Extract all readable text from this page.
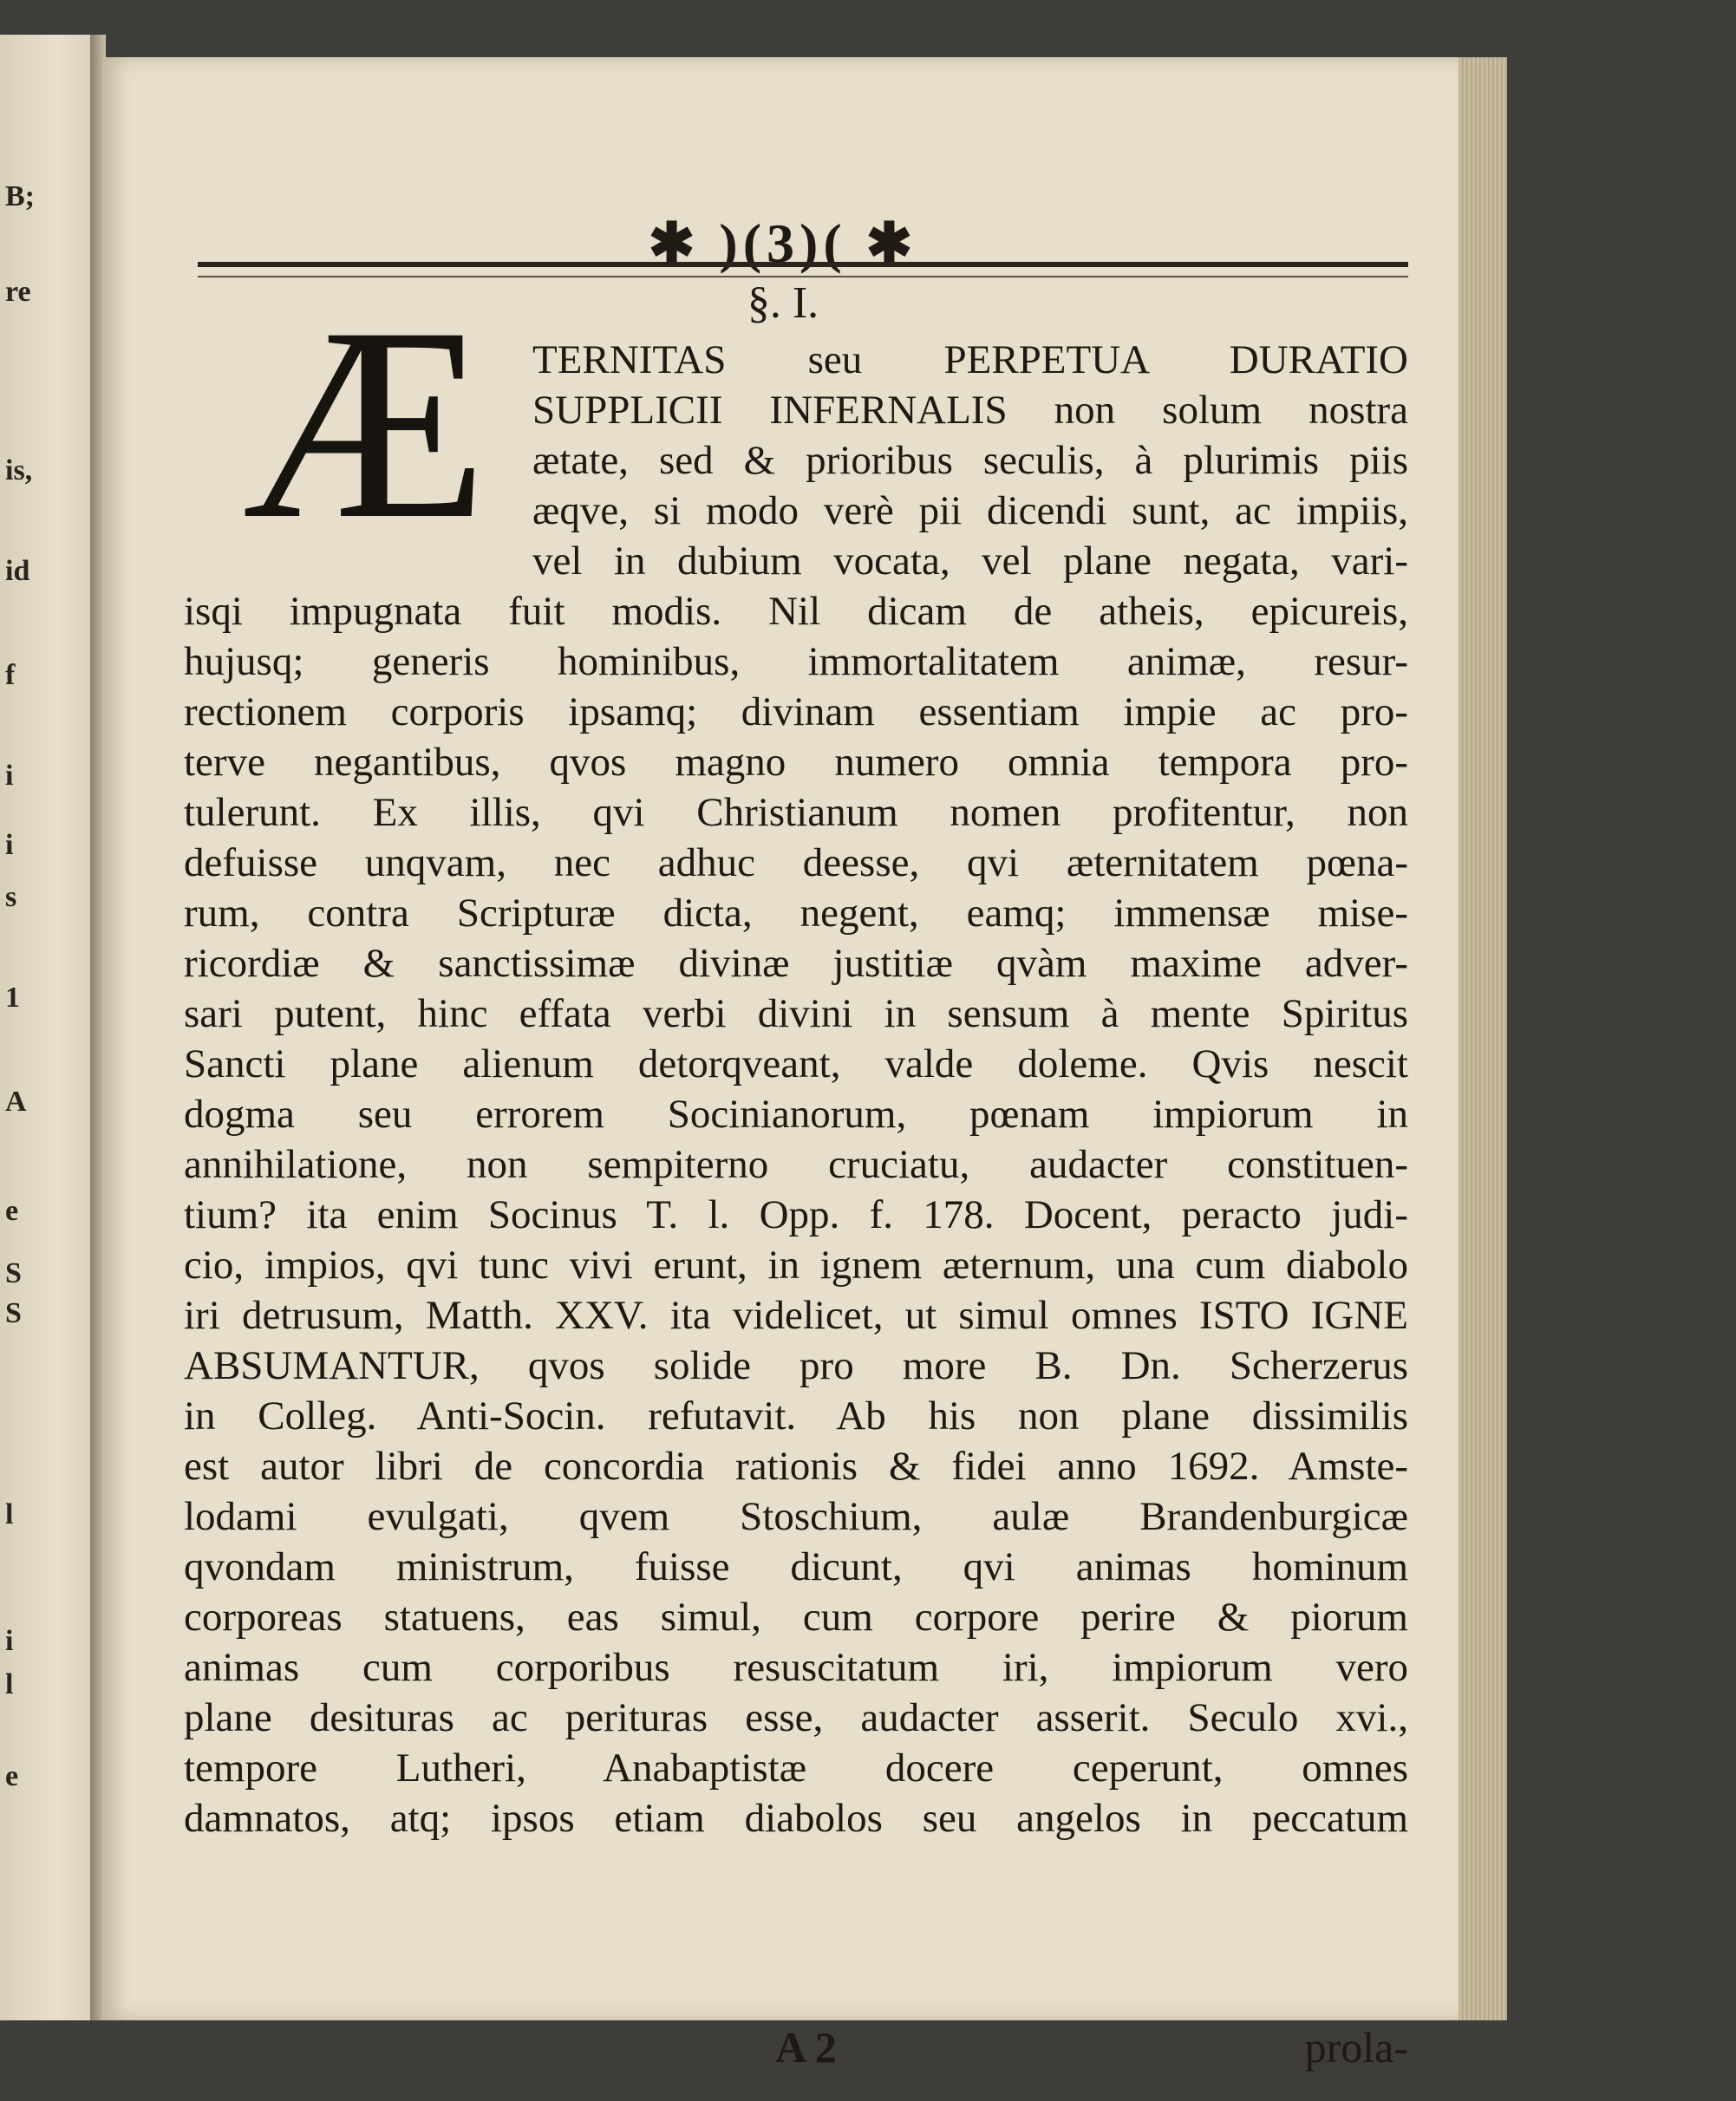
B;
re
is,
id
f
i
i
s
1
A
e
S
S
l
i
l
e
✱ )(3)( ✱
§. I.
Æ	TERNITAS seu PERPETUA DURATIO
SUPPLICII INFERNALIS non solum nostra
ætate, sed & prioribus seculis, à plurimis piis
æqve, si modo verè pii dicendi sunt, ac impiis,
vel in dubium vocata, vel plane negata, vari-
isqi impugnata fuit modis. Nil dicam de atheis, epicureis,
hujusq; generis hominibus, immortalitatem animæ, resur-
rectionem corporis ipsamq; divinam essentiam impie ac pro-
terve negantibus, qvos magno numero omnia tempora pro-
tulerunt. Ex illis, qvi Christianum nomen profitentur, non
defuisse unqvam, nec adhuc deesse, qvi æternitatem pœna-
rum, contra Scripturæ dicta, negent, eamq; immensæ mise-
ricordiæ & sanctissimæ divinæ justitiæ qvàm maxime adver-
sari putent, hinc effata verbi divini in sensum à mente Spiritus
Sancti plane alienum detorqveant, valde doleme. Qvis nescit
dogma seu errorem Socinianorum, pœnam impiorum in
annihilatione, non sempiterno cruciatu, audacter constituen-
tium? ita enim Socinus T. l. Opp. f. 178. Docent, peracto judi-
cio, impios, qvi tunc vivi erunt, in ignem æternum, una cum diabolo
iri detrusum, Matth. XXV. ita videlicet, ut simul omnes ISTO IGNE
ABSUMANTUR, qvos solide pro more B. Dn. Scherzerus
in Colleg. Anti-Socin. refutavit. Ab his non plane dissimilis
est autor libri de concordia rationis & fidei anno 1692. Amste-
lodami evulgati, qvem Stoschium, aulæ Brandenburgicæ
qvondam ministrum, fuisse dicunt, qvi animas hominum
corporeas statuens, eas simul, cum corpore perire & piorum
animas cum corporibus resuscitatum iri, impiorum vero
plane desituras ac perituras esse, audacter asserit. Seculo xvi.,
tempore Lutheri, Anabaptistæ docere ceperunt, omnes
damnatos, atq; ipsos etiam diabolos seu angelos in peccatum
A 2	prola-
